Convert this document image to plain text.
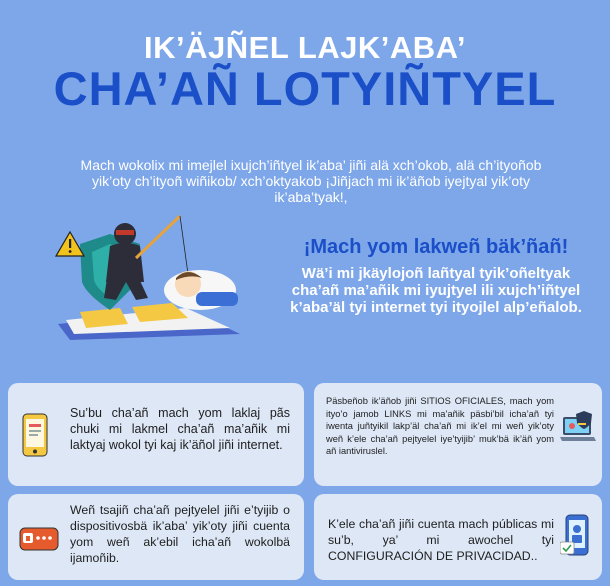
IK’ÄJÑEL LAJK’ABA’
CHA’AÑ LOTYIÑTYEL
Mach wokolix mi imejlel ixujch’iñtyel ik’aba’ jiñi alä xch’okob, alä ch’ityoñob yik’oty ch’ityoñ wiñikob/ xch’oktyakob ¡Jiñjach mi ik’äñob iyejtyal yik’oty ik’aba’tyak!,
¡Mach yom lakweñ bäk’ñañ!
Wä’i mi jkäylojoñ lañtyal tyik’oñeltyak cha’añ ma’añik mi iyujtyel ili xujch’iñtyel k’aba’äl tyi internet tyi ityojlel alp’eñalob.
Su’bu cha’añ mach yom laklaj pãs chuki mi lakmel cha’añ ma’añik mi laktyaj wokol tyi kaj ik’äñol jiñi internet.
Päsbeñob ik’äñob jiñi SITIOS OFICIALES, mach yom ityo’o jamob LINKS mi ma’añik päsbi’bil icha’añ tyi iwenta juñtyikil lakp’äl cha’añ mi ik’el mi weñ yik’oty weñ k’ele cha’añ pejtyelel iye’tyijib’ muk’bä ik’äñ yom añ iantiviruslel.
Weñ tsajiñ cha’añ pejtyelel jiñi e’tyijib o dispositivosbä ik’aba’ yik’oty jiñi cuenta yom weñ ak’ebil icha’añ wokolbä ijamoñib.
K’ele cha’añ jiñi cuenta mach públicas mi su’b, ya’ mi awochel tyi CONFIGURACIÓN DE PRIVACIDAD..
